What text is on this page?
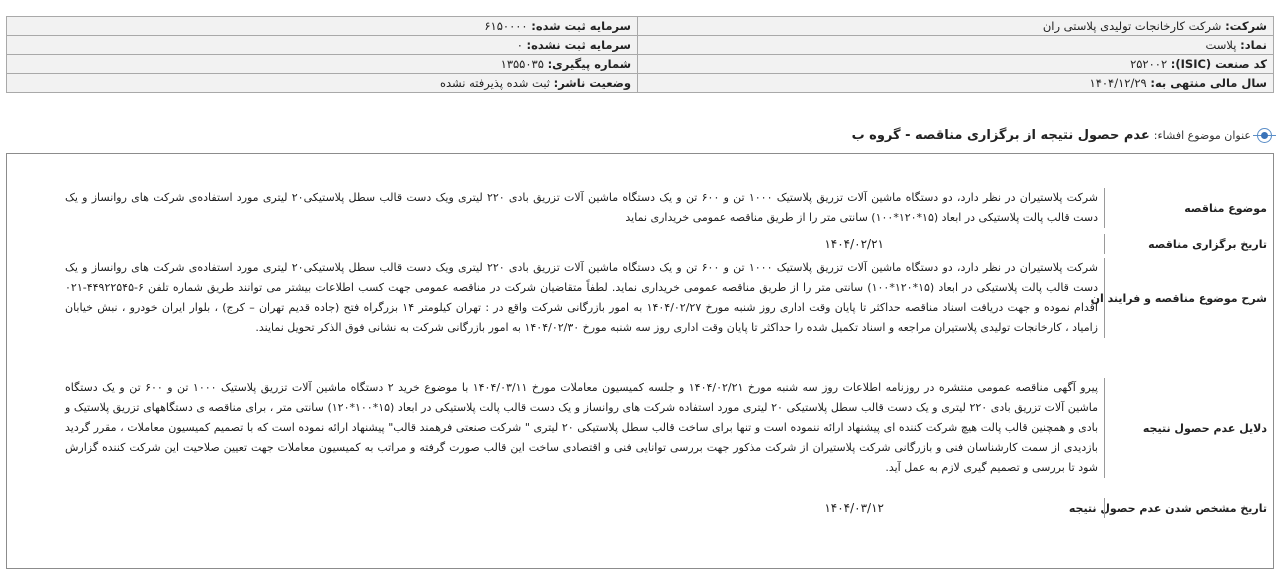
شرکت: شرکت کارخانجات تولیدی پلاستی ران	سرمایه ثبت شده: ۶۱۵۰۰۰۰
نماد: پلاست	سرمایه ثبت نشده: ۰
کد صنعت (ISIC): ۲۵۲۰۰۲	شماره پیگیری: ۱۳۵۵۰۳۵
سال مالی منتهی به: ۱۴۰۴/۱۲/۲۹	وضعیت ناشر: ثبت شده پذیرفته نشده
عنوان موضوع افشاء:
عدم حصول نتیجه از برگزاری مناقصه - گروه ب
موضوع مناقصه
شرکت پلاستیران در نظر دارد، دو دستگاه ماشین آلات تزریق پلاستیک ۱۰۰۰ تن و ۶۰۰ تن و یک دستگاه ماشین آلات تزریق بادی ۲۲۰ لیتری ویک دست قالب سطل پلاستیکی۲۰ لیتری مورد استفاده‌ی شرکت های روانساز و یک دست قالب پالت پلاستیکی در ابعاد (۱۵*۱۲۰*۱۰۰) سانتی متر را از طریق مناقصه عمومی خریداری نماید
تاریخ برگزاری مناقصه
۱۴۰۴/۰۲/۲۱
شرح موضوع مناقصه و فرایند ان
شرکت پلاستیران در نظر دارد، دو دستگاه ماشین آلات تزریق پلاستیک ۱۰۰۰ تن و ۶۰۰ تن و یک دستگاه ماشین آلات تزریق بادی ۲۲۰ لیتری ویک دست قالب سطل پلاستیکی۲۰ لیتری مورد استفاده‌ی شرکت های روانساز و یک دست قالب پالت پلاستیکی در ابعاد (۱۵*۱۲۰*۱۰۰) سانتی متر را از طریق مناقصه عمومی خریداری نماید. لطفاً متقاضیان شرکت در مناقصه عمومی جهت کسب اطلاعات بیشتر می توانند طریق شماره تلفن ۶-۴۴۹۲۲۵۴۵-۰۲۱ اقدام نموده و جهت دریافت اسناد مناقصه حداکثر تا پایان وقت اداری روز شنبه مورخ ۱۴۰۴/۰۲/۲۷ به امور بازرگانی شرکت واقع در : تهران کیلومتر ۱۴ بزرگراه فتح (جاده قدیم تهران – کرج) ، بلوار ایران خودرو ، نبش خیابان زامیاد ، کارخانجات تولیدی پلاستیران مراجعه و اسناد تکمیل شده را حداکثر تا پایان وقت اداری روز سه شنبه مورخ ۱۴۰۴/۰۲/۳۰ به امور بازرگانی شرکت به نشانی فوق الذکر تحویل نمایند.
دلایل عدم حصول نتیجه
پیرو آگهی مناقصه عمومی منتشره در روزنامه اطلاعات روز سه شنبه مورخ ۱۴۰۴/۰۲/۲۱ و جلسه کمیسیون معاملات مورخ ۱۴۰۴/۰۳/۱۱ با موضوع خرید ۲ دستگاه ماشین آلات تزریق پلاستیک ۱۰۰۰ تن و ۶۰۰ تن و یک دستگاه ماشین آلات تزریق بادی ۲۲۰ لیتری و یک دست قالب سطل پلاستیکی ۲۰ لیتری مورد استفاده شرکت های روانساز و یک دست قالب پالت پلاستیکی در ابعاد (۱۵*۱۰۰*۱۲۰) سانتی متر ، برای مناقصه ی دستگاههای تزریق پلاستیک و بادی و همچنین قالب پالت هیچ شرکت کننده ای پیشنهاد ارائه ننموده است و تنها برای ساخت قالب سطل پلاستیکی ۲۰ لیتری " شرکت صنعتی فرهمند قالب" پیشنهاد ارائه نموده است که با تصمیم کمیسیون معاملات ، مقرر گردید بازدیدی از سمت کارشناسان فنی و بازرگانی شرکت پلاستیران از شرکت مذکور جهت بررسی توانایی فنی و اقتصادی ساخت این قالب صورت گرفته و مراتب به کمیسیون معاملات جهت تعیین صلاحیت این شرکت کننده گزارش شود تا بررسی و تصمیم گیری لازم به عمل آید.
تاریخ مشخص شدن عدم حصول نتیجه
۱۴۰۴/۰۳/۱۲
